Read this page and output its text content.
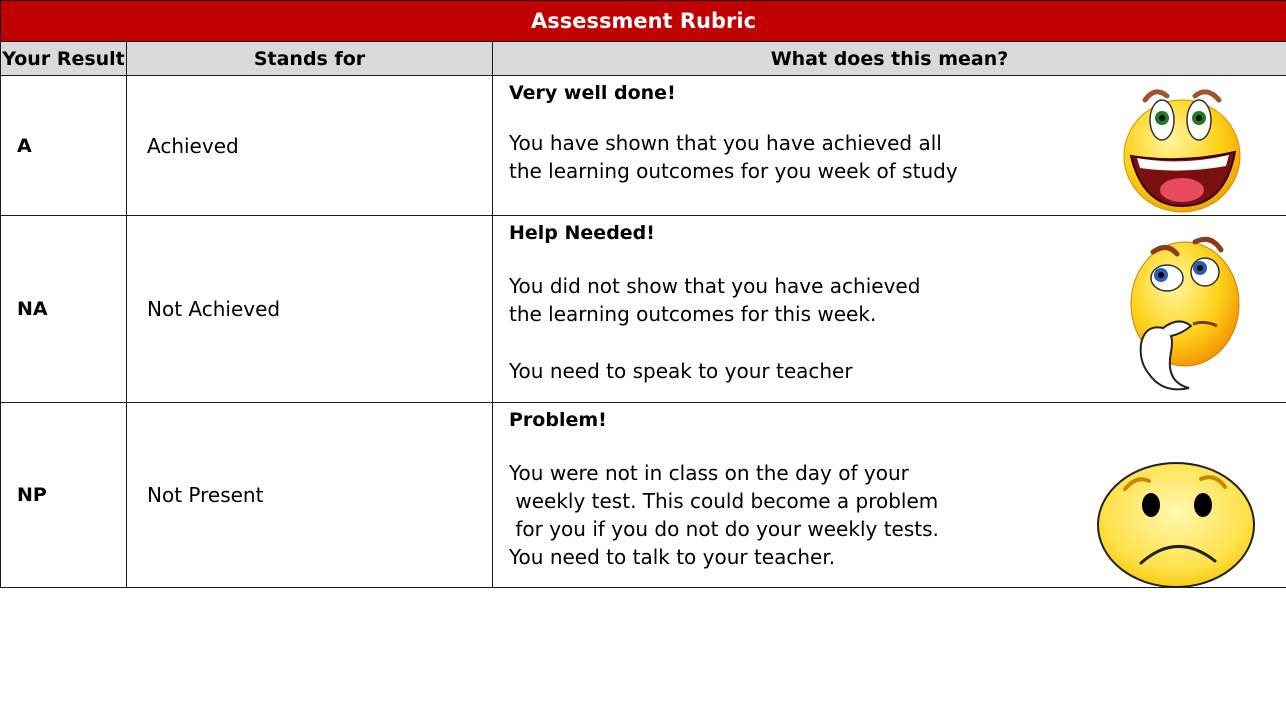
Assessment Rubric		
Your Result	Stands for	What does this mean?
A	Achieved	Very well done!
You have shown that you have achieved all
the learning outcomes for you week of study

NA	Not Achieved	Help Needed!
You did not show that you have achieved
the learning outcomes for this week.
You need to speak to your teacher

NP	Not Present	Problem!
You were not in class on the day of your
weekly test. This could become a problem
for you if you do not do your weekly tests.
You need to talk to your teacher.
